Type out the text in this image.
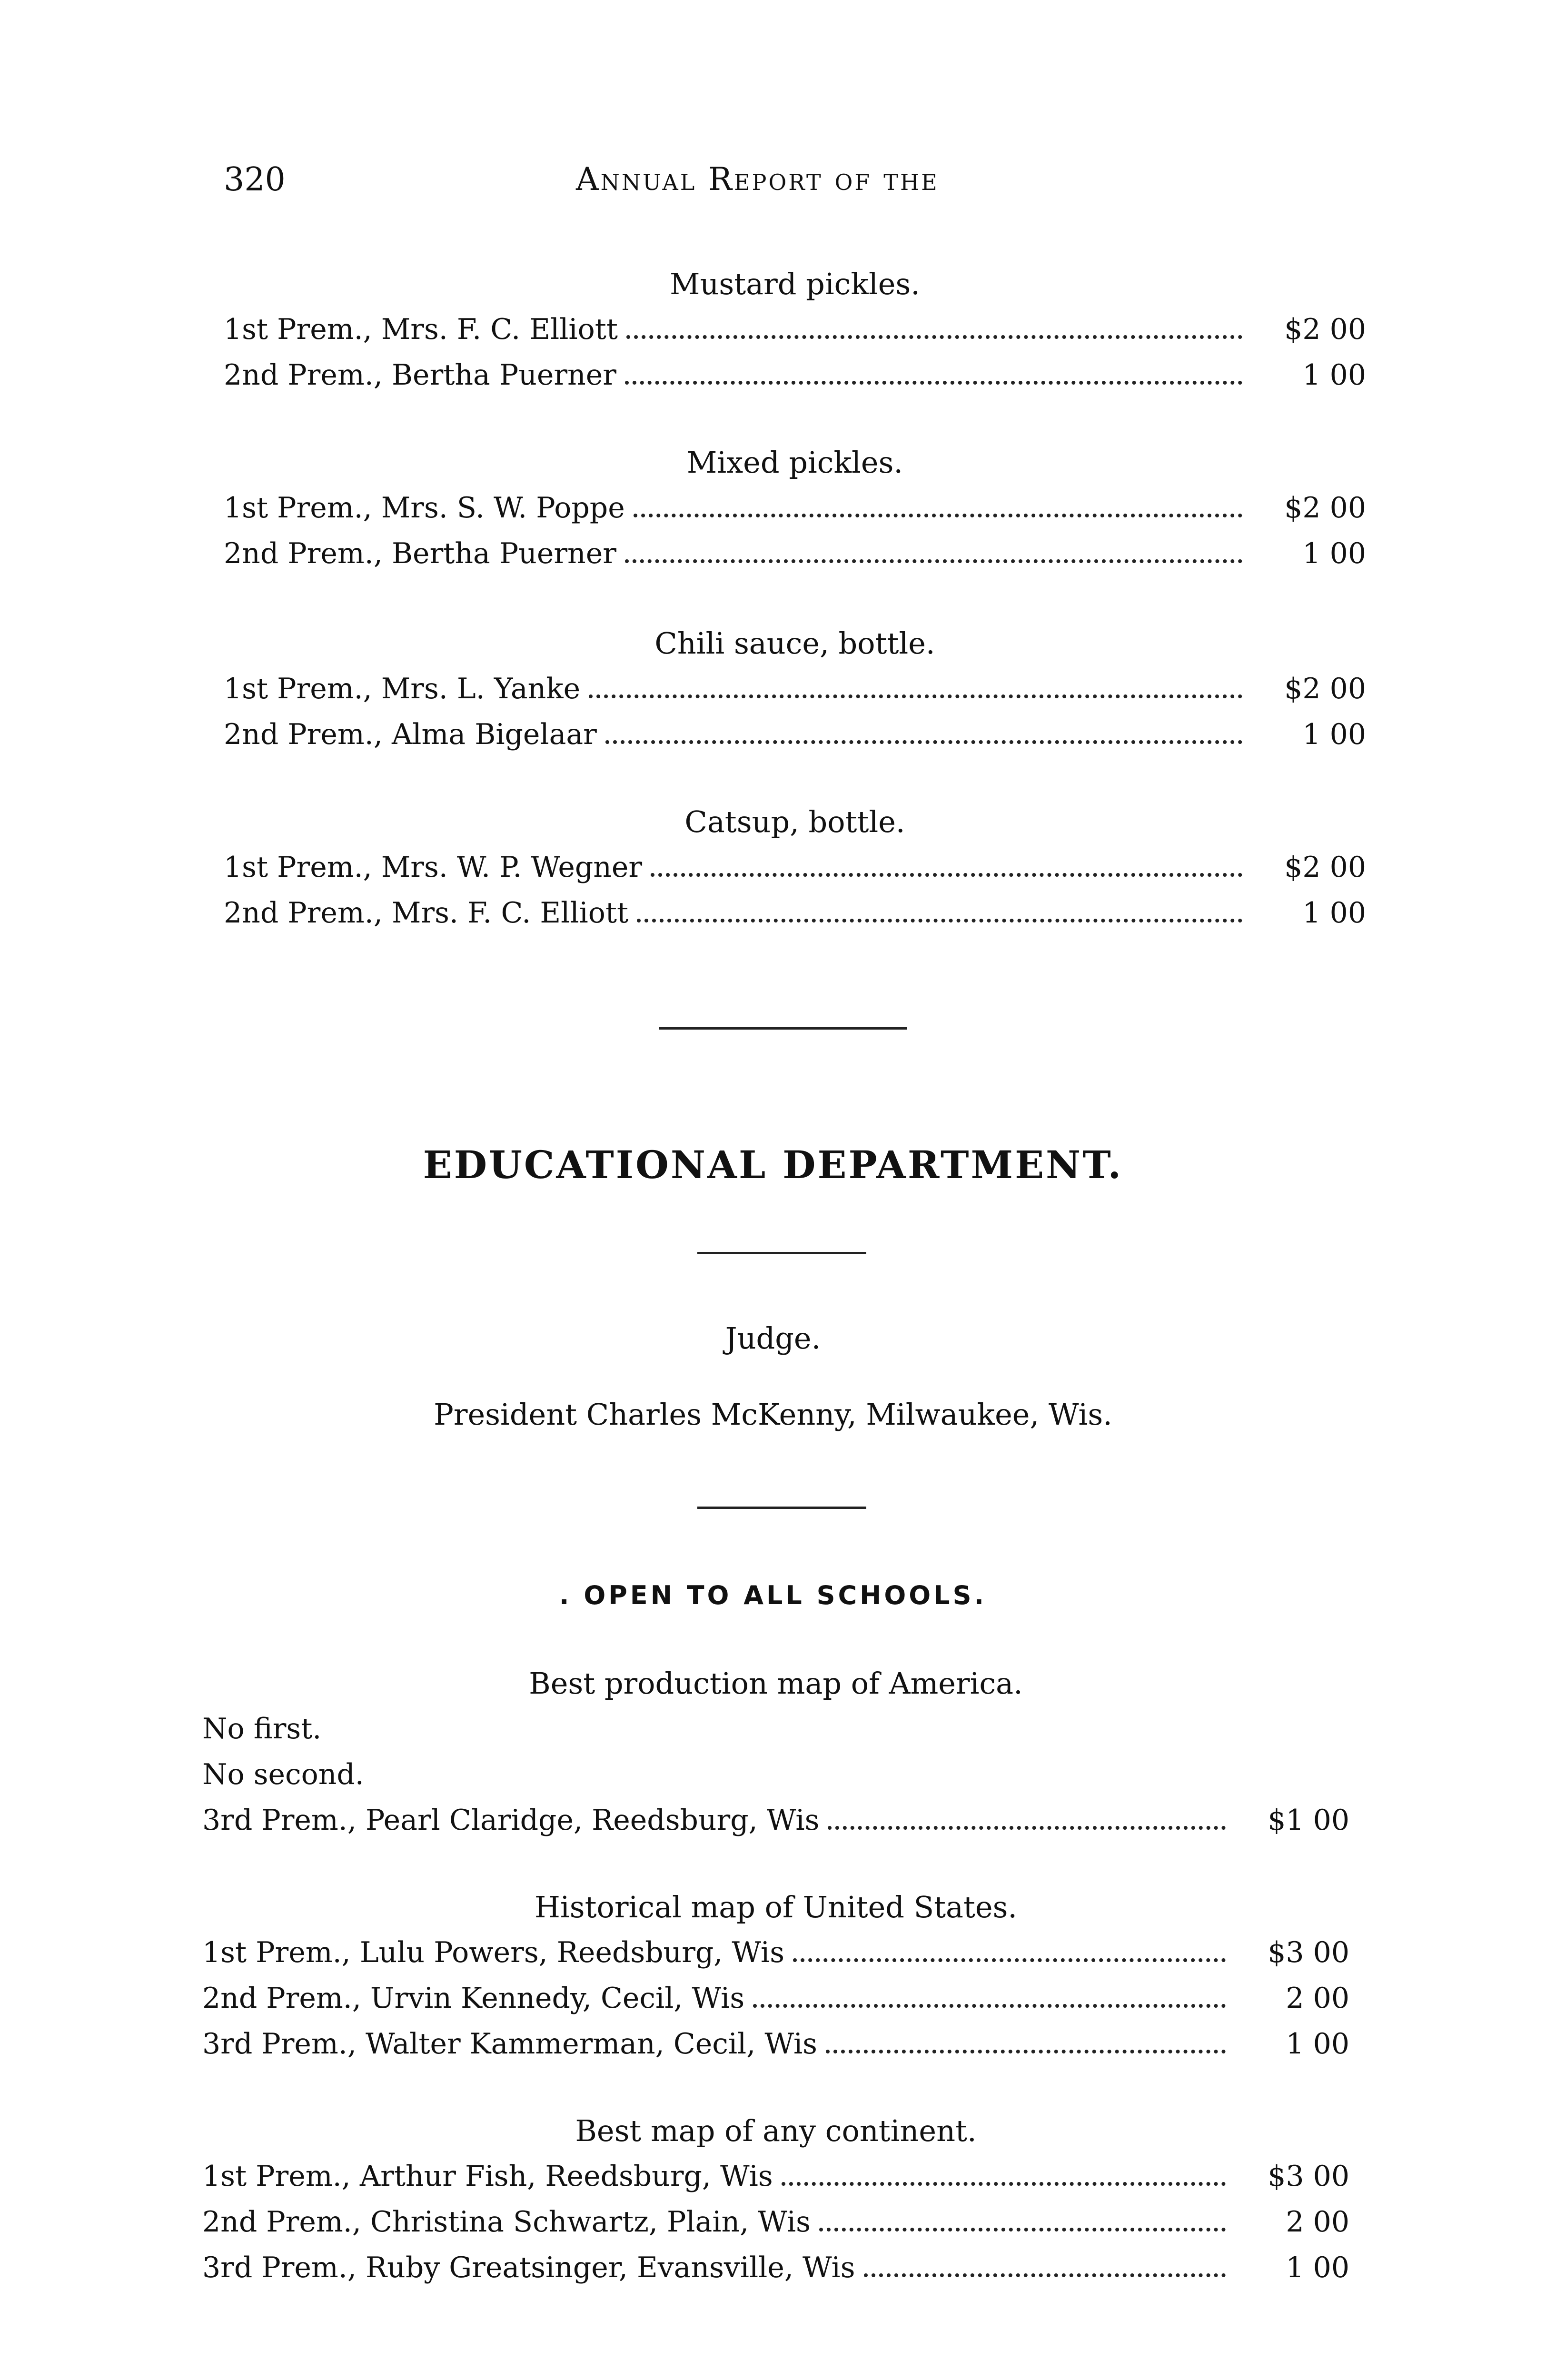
320	Annual Report of the
Mustard pickles.
1st Prem., Mrs. F. C. Elliott	$2 00
2nd Prem., Bertha Puerner	1 00
Mixed pickles.
1st Prem., Mrs. S. W. Poppe	$2 00
2nd Prem., Bertha Puerner	1 00
Chili sauce, bottle.
1st Prem., Mrs. L. Yanke	$2 00
2nd Prem., Alma Bigelaar	1 00
Catsup, bottle.
1st Prem., Mrs. W. P. Wegner	$2 00
2nd Prem., Mrs. F. C. Elliott	1 00
EDUCATIONAL DEPARTMENT.
Judge.
President Charles McKenny, Milwaukee, Wis.
. OPEN TO ALL SCHOOLS.
Best production map of America.
No first.
No second.
3rd Prem., Pearl Claridge, Reedsburg, Wis	$1 00
Historical map of United States.
1st Prem., Lulu Powers, Reedsburg, Wis	$3 00
2nd Prem., Urvin Kennedy, Cecil, Wis	2 00
3rd Prem., Walter Kammerman, Cecil, Wis	1 00
Best map of any continent.
1st Prem., Arthur Fish, Reedsburg, Wis	$3 00
2nd Prem., Christina Schwartz, Plain, Wis	2 00
3rd Prem., Ruby Greatsinger, Evansville, Wis	1 00
